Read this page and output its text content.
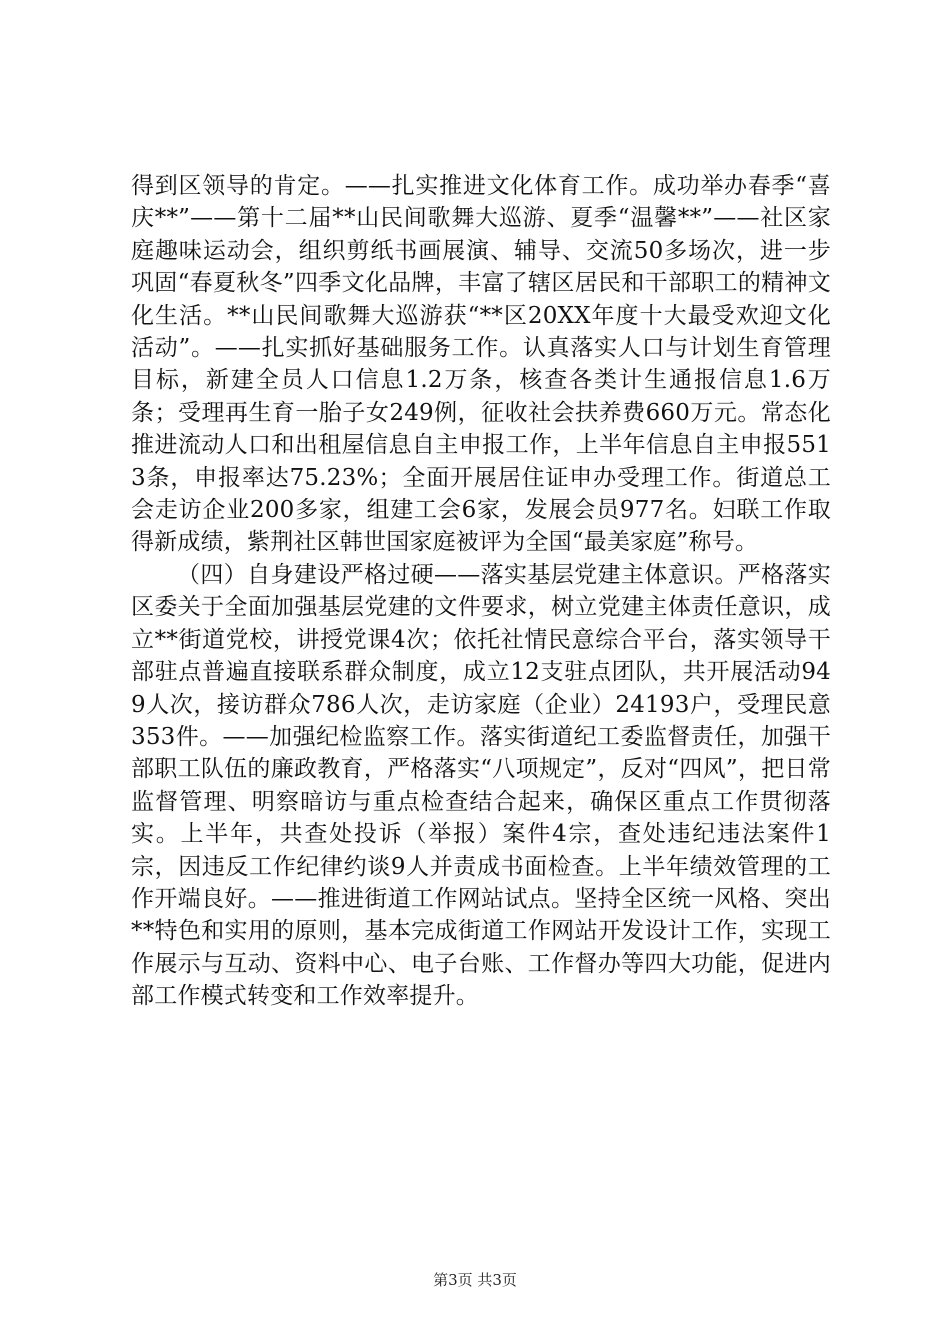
得到区领导的肯定。——扎实推进文化体育工作。成功举办春季“喜庆**”——第十二届**山民间歌舞大巡游、夏季“温馨**”——社区家庭趣味运动会，组织剪纸书画展演、辅导、交流50多场次，进一步巩固“春夏秋冬”四季文化品牌，丰富了辖区居民和干部职工的精神文化生活。**山民间歌舞大巡游获“**区20XX年度十大最受欢迎文化活动”。——扎实抓好基础服务工作。认真落实人口与计划生育管理目标，新建全员人口信息1.2万条，核查各类计生通报信息1.6万条；受理再生育一胎子女249例，征收社会扶养费660万元。常态化推进流动人口和出租屋信息自主申报工作，上半年信息自主申报5513条，申报率达75.23%；全面开展居住证申办受理工作。街道总工会走访企业200多家，组建工会6家，发展会员977名。妇联工作取得新成绩，紫荆社区韩世国家庭被评为全国“最美家庭”称号。

（四）自身建设严格过硬——落实基层党建主体意识。严格落实区委关于全面加强基层党建的文件要求，树立党建主体责任意识，成立**街道党校，讲授党课4次；依托社情民意综合平台，落实领导干部驻点普遍直接联系群众制度，成立12支驻点团队，共开展活动949人次，接访群众786人次，走访家庭（企业）24193户，受理民意353件。——加强纪检监察工作。落实街道纪工委监督责任，加强干部职工队伍的廉政教育，严格落实“八项规定”，反对“四风”，把日常监督管理、明察暗访与重点检查结合起来，确保区重点工作贯彻落实。上半年，共查处投诉（举报）案件4宗，查处违纪违法案件1宗，因违反工作纪律约谈9人并责成书面检查。上半年绩效管理的工作开端良好。——推进街道工作网站试点。坚持全区统一风格、突出**特色和实用的原则，基本完成街道工作网站开发设计工作，实现工作展示与互动、资料中心、电子台账、工作督办等四大功能，促进内部工作模式转变和工作效率提升。

第3页 共3页
